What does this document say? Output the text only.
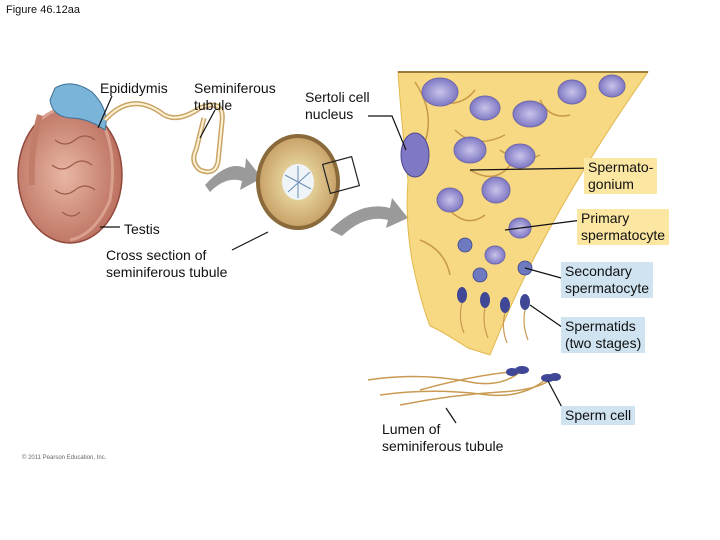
Figure 46.12aa
Epididymis Seminiferous
tubule	Sertoli cell
nucleus
Testis
Cross section of
seminiferous tubule
Lumen of
seminiferous tubule
Spermato-
gonium
Primary
spermatocyte
Secondary
spermatocyte
Spermatids
(two stages)
Sperm cell
© 2011 Pearson Education, Inc.
